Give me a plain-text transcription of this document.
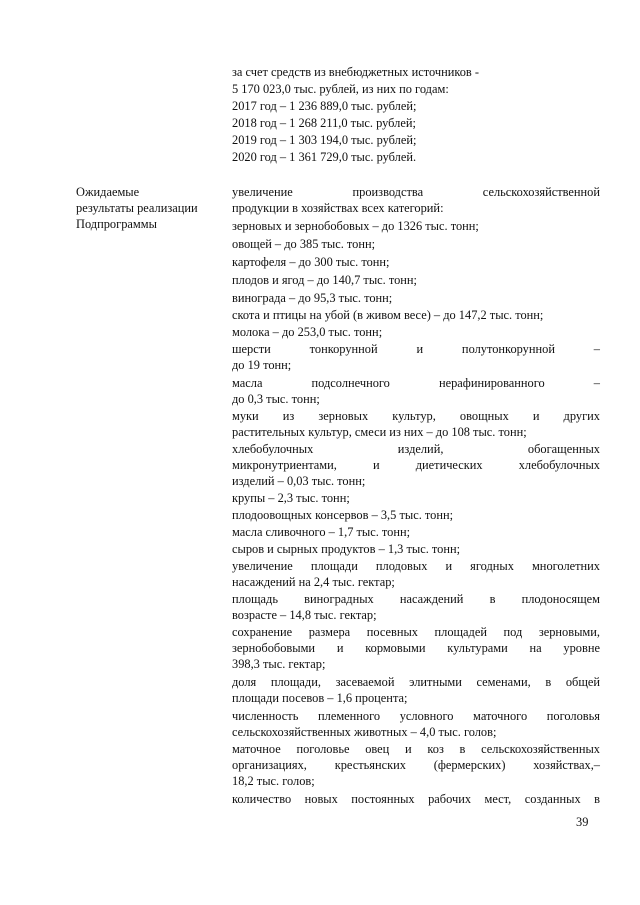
за счет средств из внебюджетных источников -
5 170 023,0 тыс. рублей, из них по годам:
2017 год – 1 236 889,0 тыс. рублей;
2018 год – 1 268 211,0 тыс. рублей;
2019 год – 1 303 194,0 тыс. рублей;
2020 год – 1 361 729,0 тыс. рублей.
Ожидаемые
результаты реализации
Подпрограммы
увеличение производства сельскохозяйственной
продукции в хозяйствах всех категорий:
зерновых и зернобобовых – до 1326 тыс. тонн;
овощей – до 385 тыс. тонн;
картофеля – до 300 тыс. тонн;
плодов и ягод – до 140,7 тыс. тонн;
винограда – до 95,3 тыс. тонн;
скота и птицы на убой (в живом весе) – до 147,2 тыс. тонн;
молока – до 253,0 тыс. тонн;
шерсти тонкорунной и полутонкорунной –
до 19 тонн;
масла подсолнечного нерафинированного –
до 0,3 тыс. тонн;
муки из зерновых культур, овощных и других
растительных культур, смеси из них – до 108 тыс. тонн;
хлебобулочных изделий, обогащенных
микронутриентами, и диетических хлебобулочных
изделий – 0,03 тыс. тонн;
крупы – 2,3 тыс. тонн;
плодоовощных консервов – 3,5 тыс. тонн;
масла сливочного – 1,7 тыс. тонн;
сыров и сырных продуктов – 1,3 тыс. тонн;
увеличение площади плодовых и ягодных многолетних
насаждений на 2,4 тыс. гектар;
площадь виноградных насаждений в плодоносящем
возрасте – 14,8 тыс. гектар;
сохранение размера посевных площадей под зерновыми,
зернобобовыми и кормовыми культурами на уровне
398,3 тыс. гектар;
доля площади, засеваемой элитными семенами, в общей
площади посевов – 1,6 процента;
численность племенного условного маточного поголовья
сельскохозяйственных животных – 4,0 тыс. голов;
маточное поголовье овец и коз в сельскохозяйственных
организациях, крестьянских (фермерских) хозяйствах,–
18,2 тыс. голов;
количество новых постоянных рабочих мест, созданных в
39
